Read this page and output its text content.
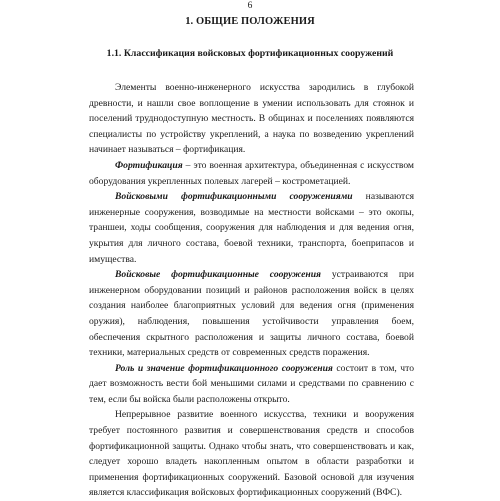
6
1. ОБЩИЕ ПОЛОЖЕНИЯ
1.1. Классификация войсковых фортификационных сооружений

Элементы военно-инженерного искусства зародились в глубокой древности, и нашли свое воплощение в умении использовать для стоянок и поселений труднодоступную местность. В общинах и поселениях появляются специалисты по устройству укреплений, а наука по возведению укреплений начинает называться – фортификация.

Фортификация – это военная архитектура, объединенная с искусством оборудования укрепленных полевых лагерей – кострометацией.

Войсковыми фортификационными сооружениями называются инженерные сооружения, возводимые на местности войсками – это окопы, траншеи, ходы сообщения, сооружения для наблюдения и для ведения огня, укрытия для личного состава, боевой техники, транспорта, боеприпасов и имущества.

Войсковые фортификационные сооружения устраиваются при инженерном оборудовании позиций и районов расположения войск в целях создания наиболее благоприятных условий для ведения огня (применения оружия), наблюдения, повышения устойчивости управления боем, обеспечения скрытного расположения и защиты личного состава, боевой техники, материальных средств от современных средств поражения.

Роль и значение фортификационного сооружения состоит в том, что дает возможность вести бой меньшими силами и средствами по сравнению с тем, если бы войска были расположены открыто.

Непрерывное развитие военного искусства, техники и вооружения требует постоянного развития и совершенствования средств и способов фортификационной защиты. Однако чтобы знать, что совершенствовать и как, следует хорошо владеть накопленным опытом в области разработки и применения фортификационных сооружений. Базовой основой для изучения является классификация войсковых фортификационных сооружений (ВФС).
